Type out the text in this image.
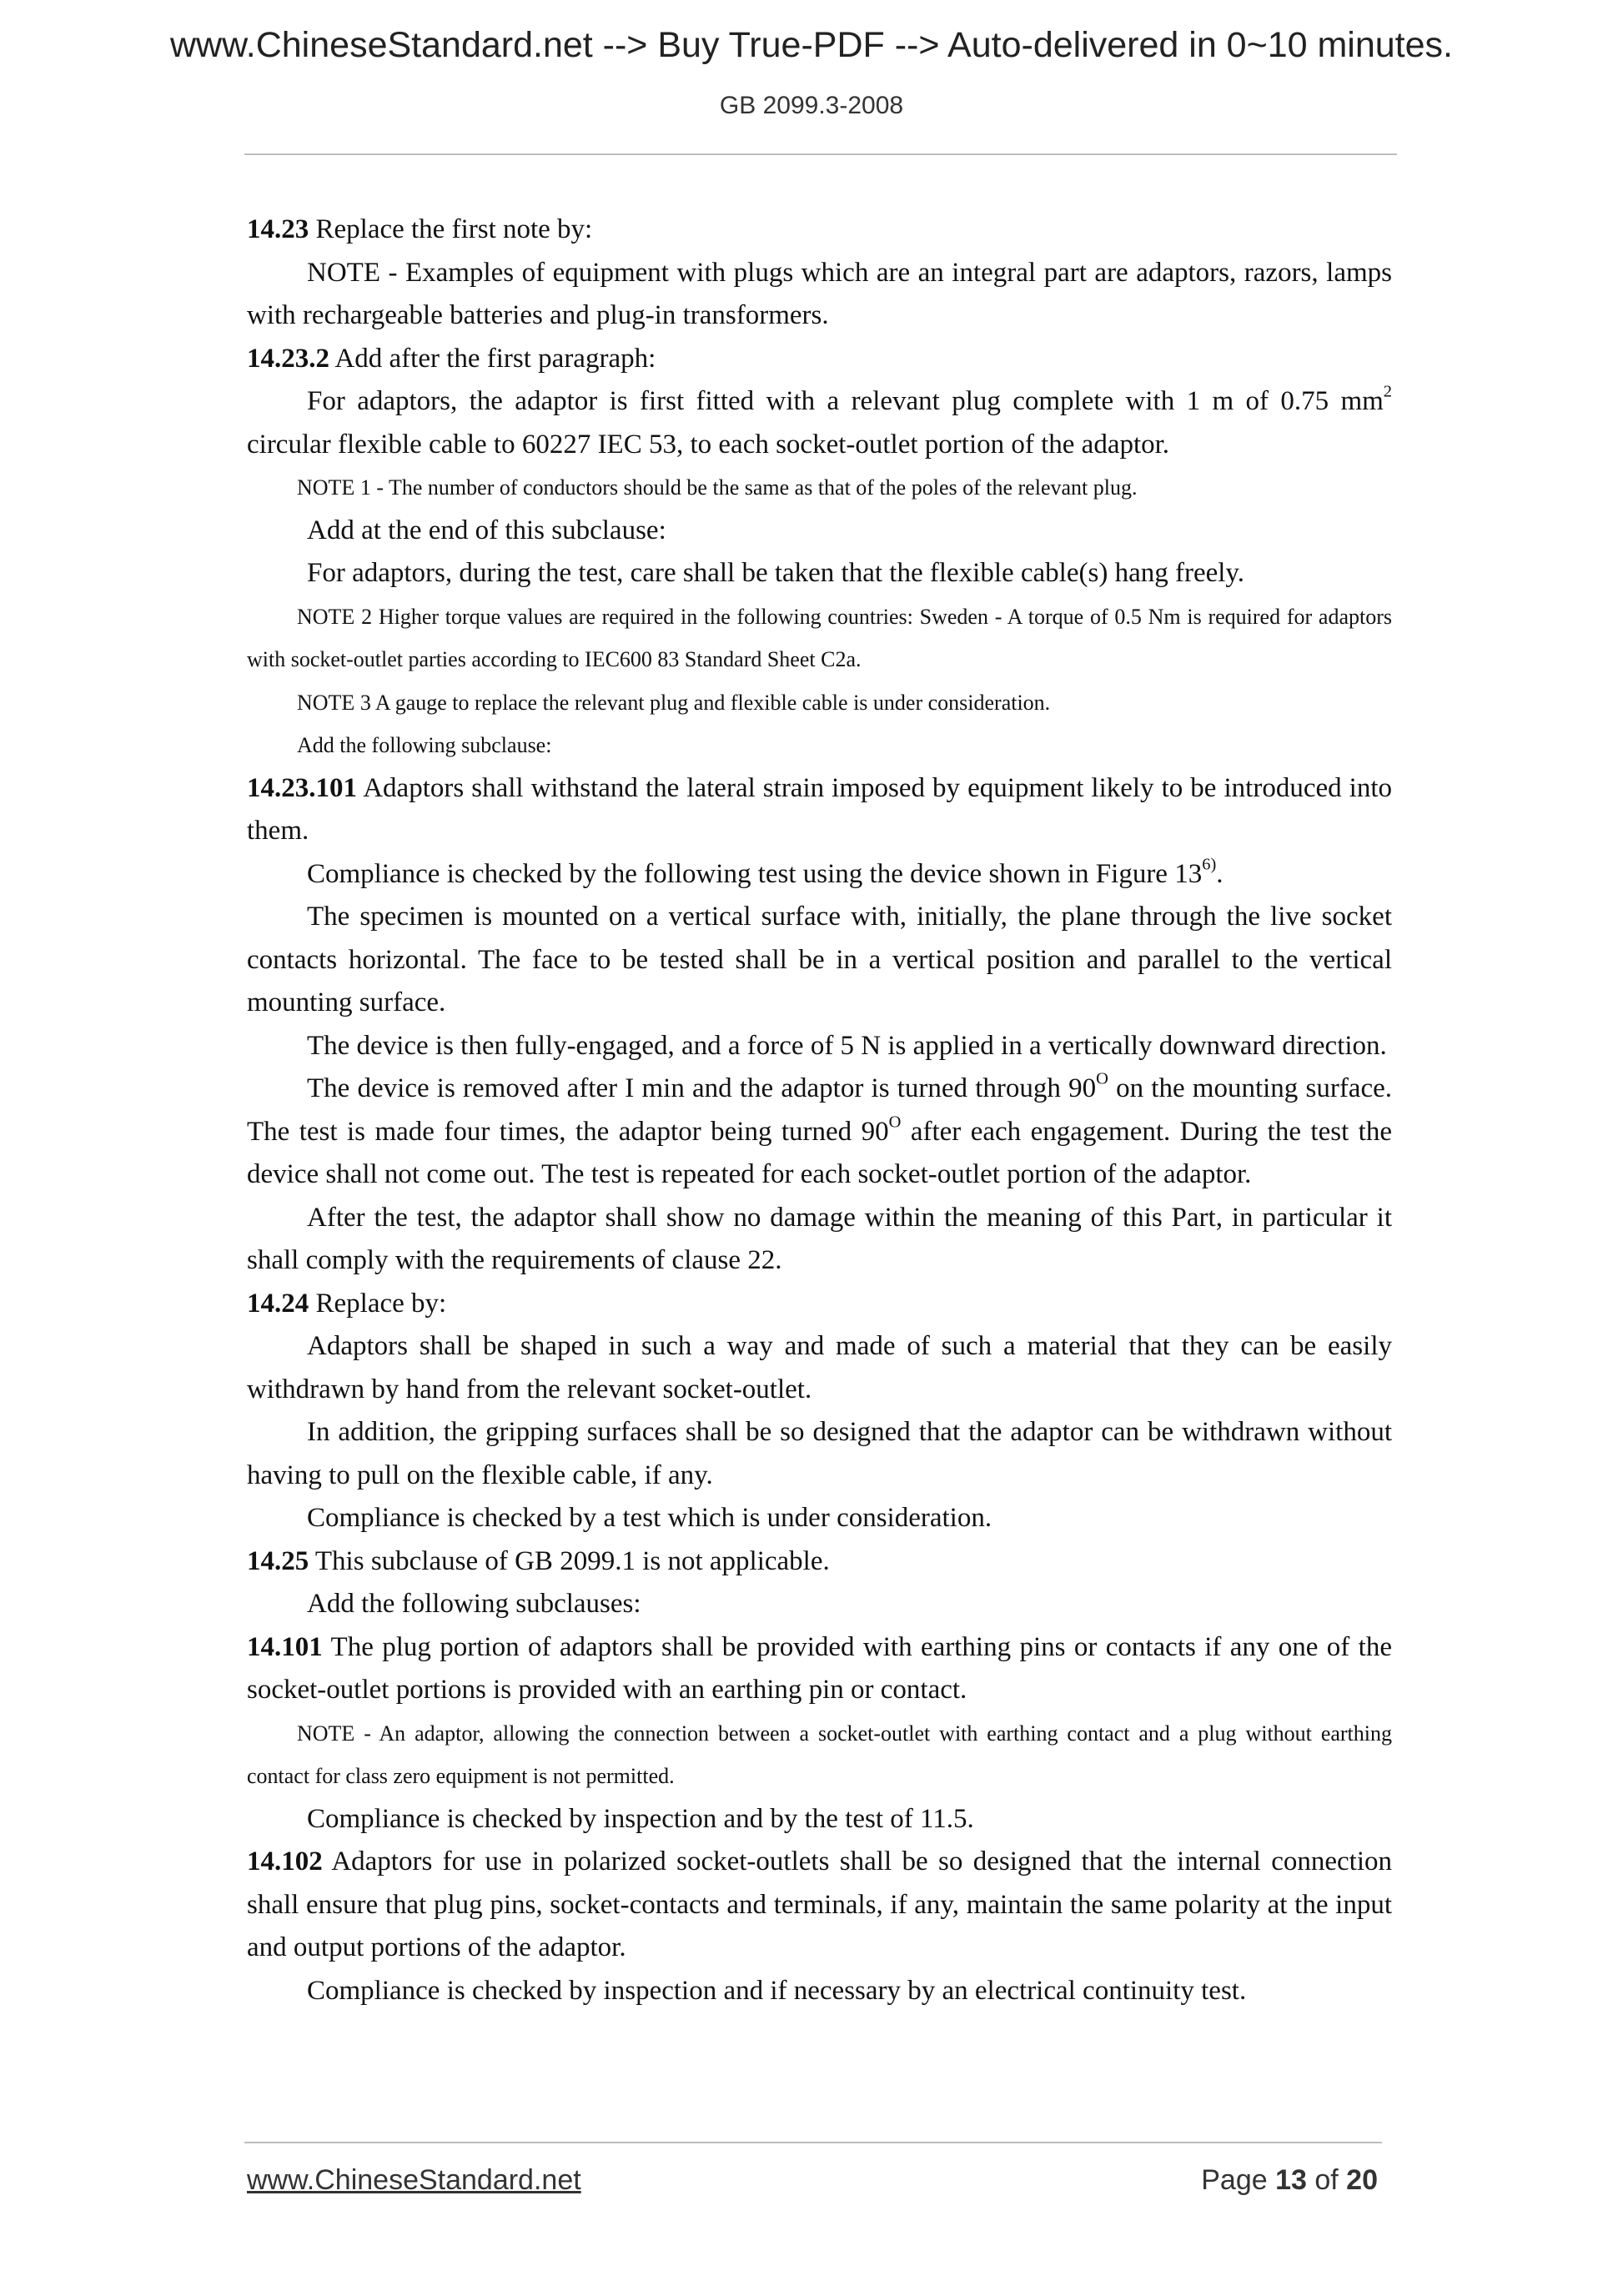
www.ChineseStandard.net --> Buy True-PDF --> Auto-delivered in 0~10 minutes.
GB 2099.3-2008

14.23 Replace the first note by:

NOTE - Examples of equipment with plugs which are an integral part are adaptors, razors, lamps with rechargeable batteries and plug-in transformers.

14.23.2 Add after the first paragraph:

For adaptors, the adaptor is first fitted with a relevant plug complete with 1 m of 0.75 $mm^2$ circular flexible cable to 60227 IEC 53, to each socket-outlet portion of the adaptor.

NOTE 1 - The number of conductors should be the same as that of the poles of the relevant plug.

Add at the end of this subclause:

For adaptors, during the test, care shall be taken that the flexible cable(s) hang freely.

NOTE 2 Higher torque values are required in the following countries: Sweden - A torque of 0.5 Nm is required for adaptors with socket-outlet parties according to IEC600 83 Standard Sheet C2a.

NOTE 3 A gauge to replace the relevant plug and flexible cable is under consideration.

Add the following subclause:

14.23.101 Adaptors shall withstand the lateral strain imposed by equipment likely to be introduced into them.

Compliance is checked by the following test using the device shown in Figure 13$^{6)}$.

The specimen is mounted on a vertical surface with, initially, the plane through the live socket contacts horizontal. The face to be tested shall be in a vertical position and parallel to the vertical mounting surface.

The device is then fully-engaged, and a force of 5 N is applied in a vertically downward direction.

The device is removed after I min and the adaptor is turned through $90^O$ on the mounting surface. The test is made four times, the adaptor being turned $90^O$ after each engagement. During the test the device shall not come out. The test is repeated for each socket-outlet portion of the adaptor.

After the test, the adaptor shall show no damage within the meaning of this Part, in particular it shall comply with the requirements of clause 22.

14.24 Replace by:

Adaptors shall be shaped in such a way and made of such a material that they can be easily withdrawn by hand from the relevant socket-outlet.

In addition, the gripping surfaces shall be so designed that the adaptor can be withdrawn without having to pull on the flexible cable, if any.

Compliance is checked by a test which is under consideration.

14.25 This subclause of GB 2099.1 is not applicable.

Add the following subclauses:

14.101 The plug portion of adaptors shall be provided with earthing pins or contacts if any one of the socket-outlet portions is provided with an earthing pin or contact.

NOTE - An adaptor, allowing the connection between a socket-outlet with earthing contact and a plug without earthing contact for class zero equipment is not permitted.

Compliance is checked by inspection and by the test of 11.5.

14.102 Adaptors for use in polarized socket-outlets shall be so designed that the internal connection shall ensure that plug pins, socket-contacts and terminals, if any, maintain the same polarity at the input and output portions of the adaptor.

Compliance is checked by inspection and if necessary by an electrical continuity test.

www.ChineseStandard.net	Page 13 of 20
